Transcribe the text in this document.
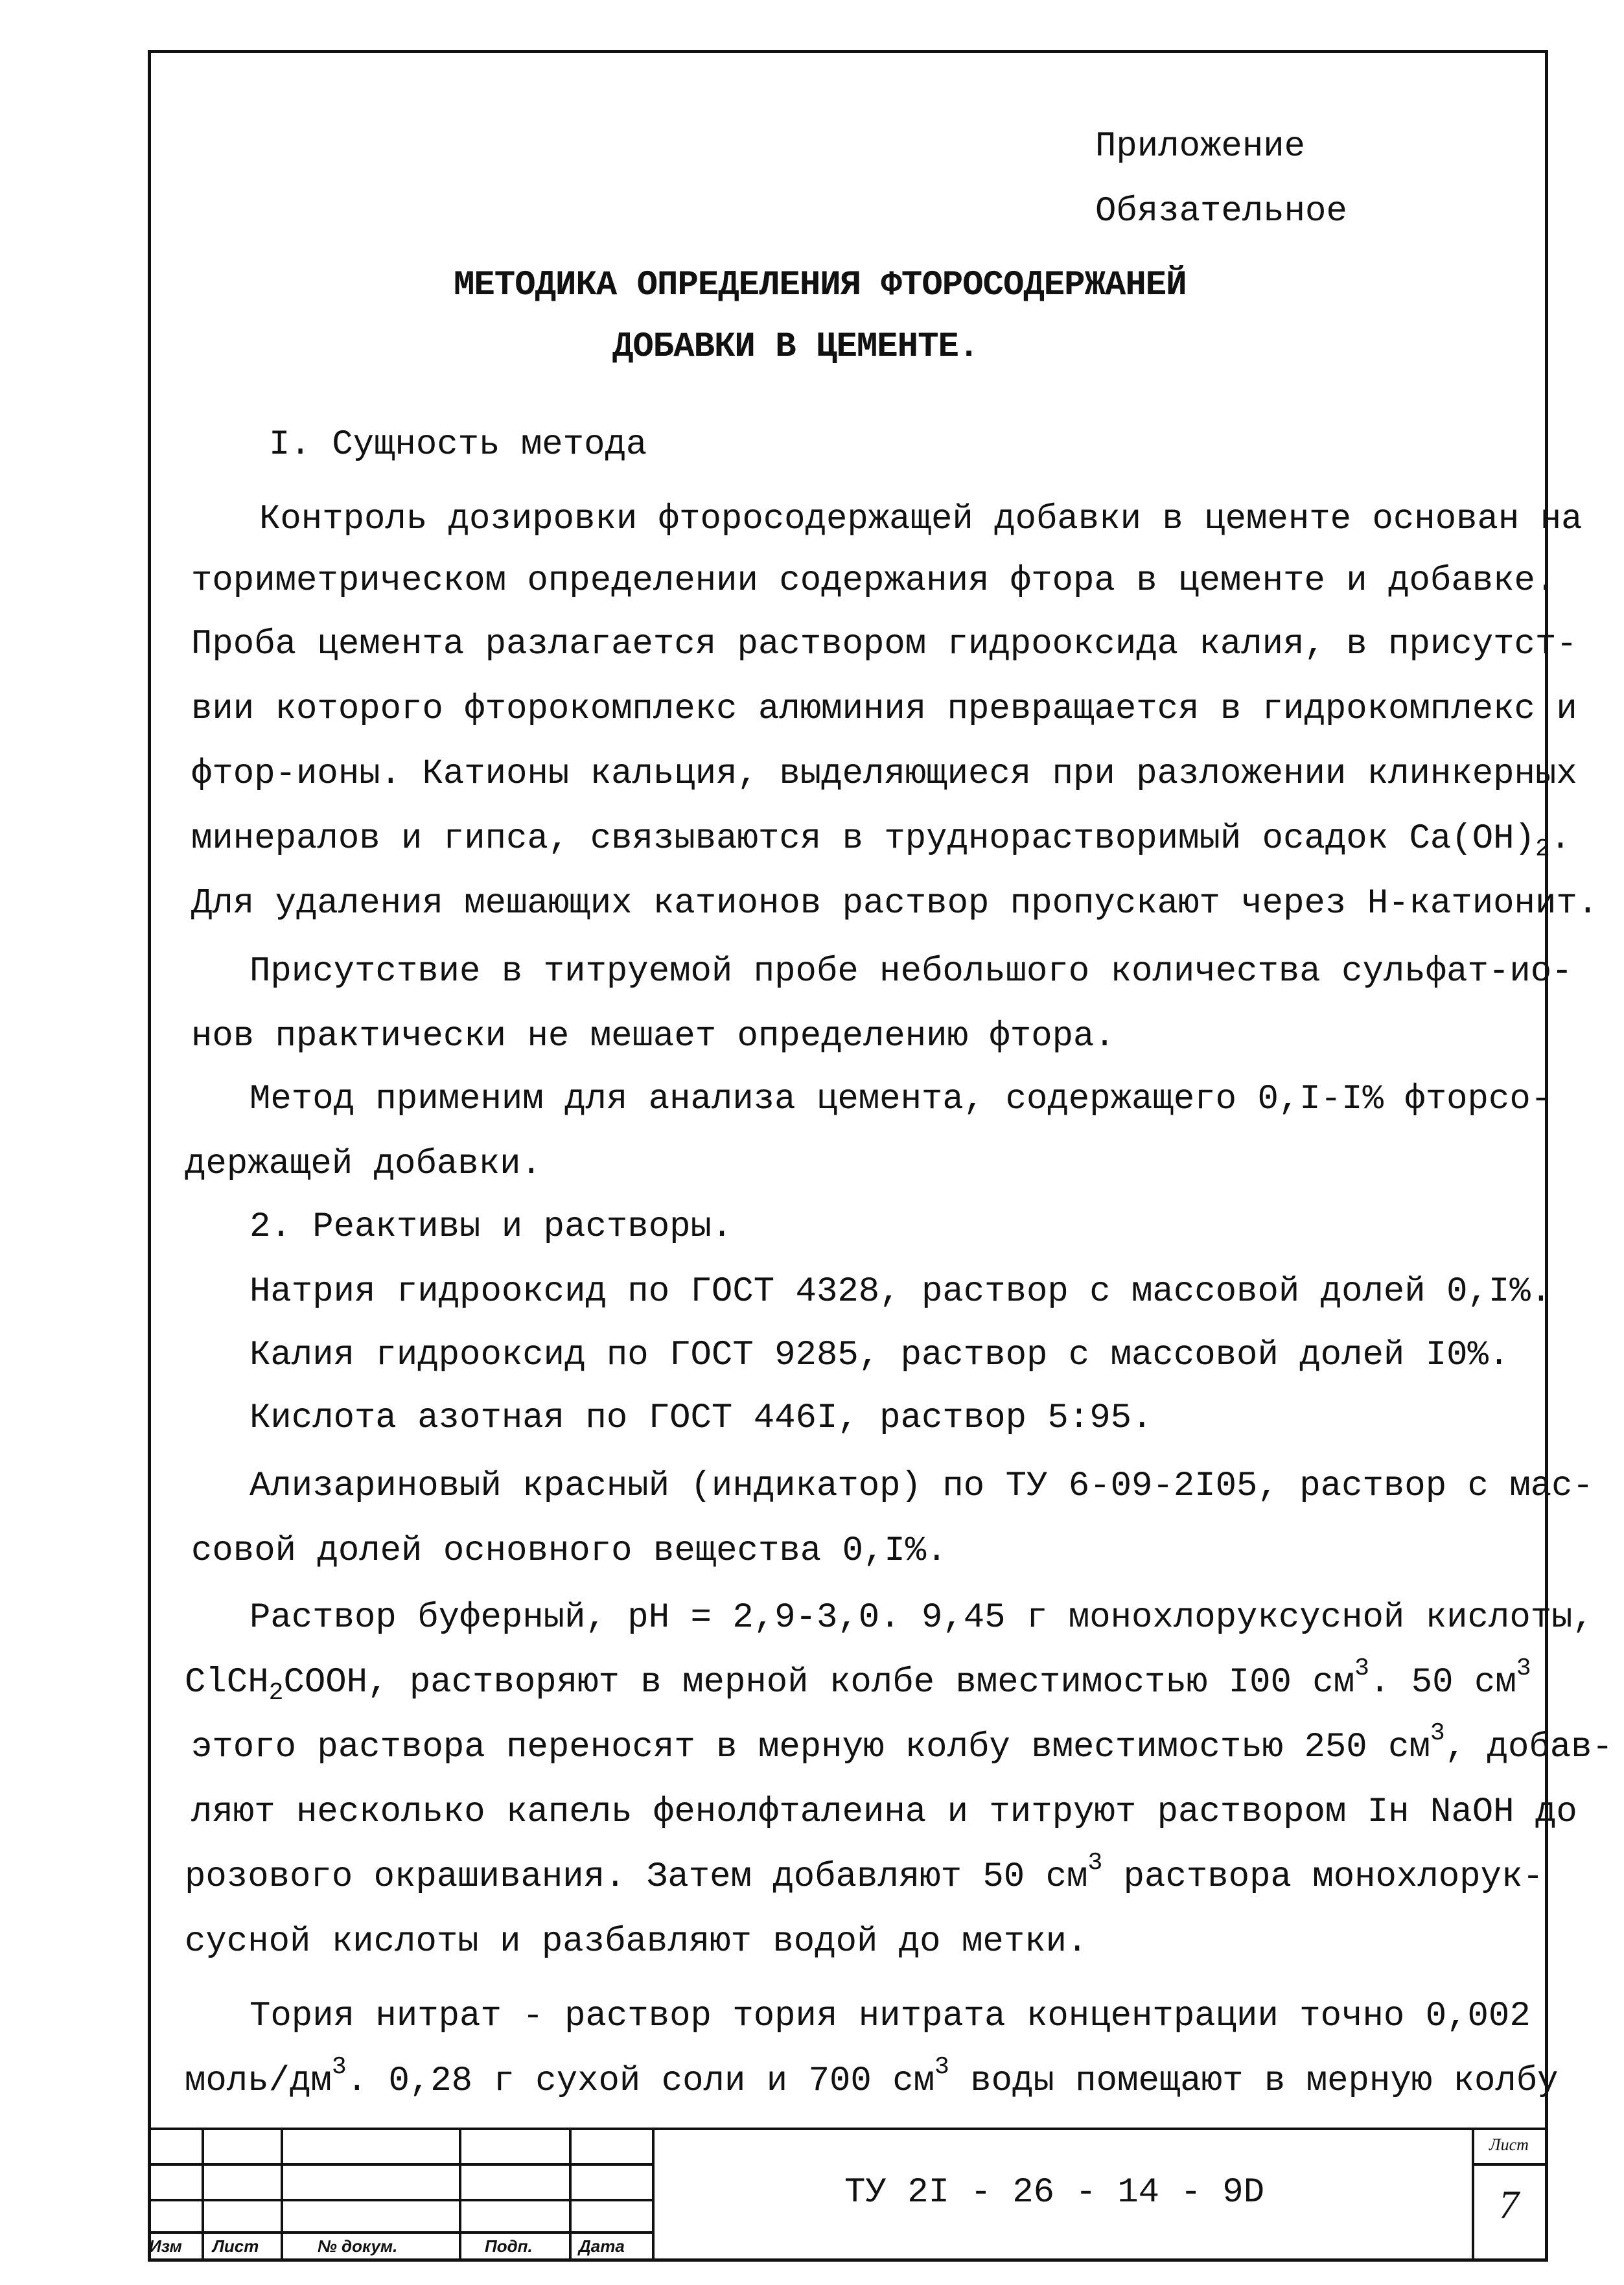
Приложение
Обязательное
МЕТОДИКА ОПРЕДЕЛЕНИЯ ФТОРОСОДЕРЖАНЕЙ
ДОБАВКИ В ЦЕМЕНТЕ.
I. Сущность метода
Контроль дозировки фторосодержащей добавки в цементе основан на
ториметрическом определении содержания фтора в цементе и добавке.
Проба цемента разлагается раствором гидрооксида калия, в присутст-
вии которого фторокомплекс алюминия превращается в гидрокомплекс и
фтор-ионы. Катионы кальция, выделяющиеся при разложении клинкерных
минералов и гипса, связываются в труднорастворимый осадок $Ca(OH)_2$.
Для удаления мешающих катионов раствор пропускают через Н-катионит.
Присутствие в титруемой пробе небольшого количества сульфат-ио-
нов практически не мешает определению фтора.
Метод применим для анализа цемента, содержащего 0,I-I% фторсо-
держащей добавки.
2. Реактивы и растворы.
Натрия гидрооксид по ГОСТ 4328, раствор с массовой долей 0,I%.
Калия гидрооксид по ГОСТ 9285, раствор с массовой долей I0%.
Кислота азотная по ГОСТ 446I, раствор 5:95.
Ализариновый красный (индикатор) по ТУ 6-09-2I05, раствор с мас-
совой долей основного вещества 0,I%.
Раствор буферный, pH = 2,9-3,0. 9,45 г монохлоруксусной кислоты,
ClCH$_2$COOH, растворяют в мерной колбе вместимостью I00 $см^3$. 50 $см^3$
этого раствора переносят в мерную колбу вместимостью 250 $см^3$, добав-
ляют несколько капель фенолфталеина и титруют раствором Iн NaOH до
розового окрашивания. Затем добавляют 50 $см^3$ раствора монохлорук-
сусной кислоты и разбавляют водой до метки.
Тория нитрат - раствор тория нитрата концентрации точно 0,002
моль/$дм^3$. 0,28 г сухой соли и 700 $см^3$ воды помещают в мерную колбу
Изм Лист	№ докум.	Подп.	Дата
ТУ 2I - 26 - 14 - 9D
Лист
7
